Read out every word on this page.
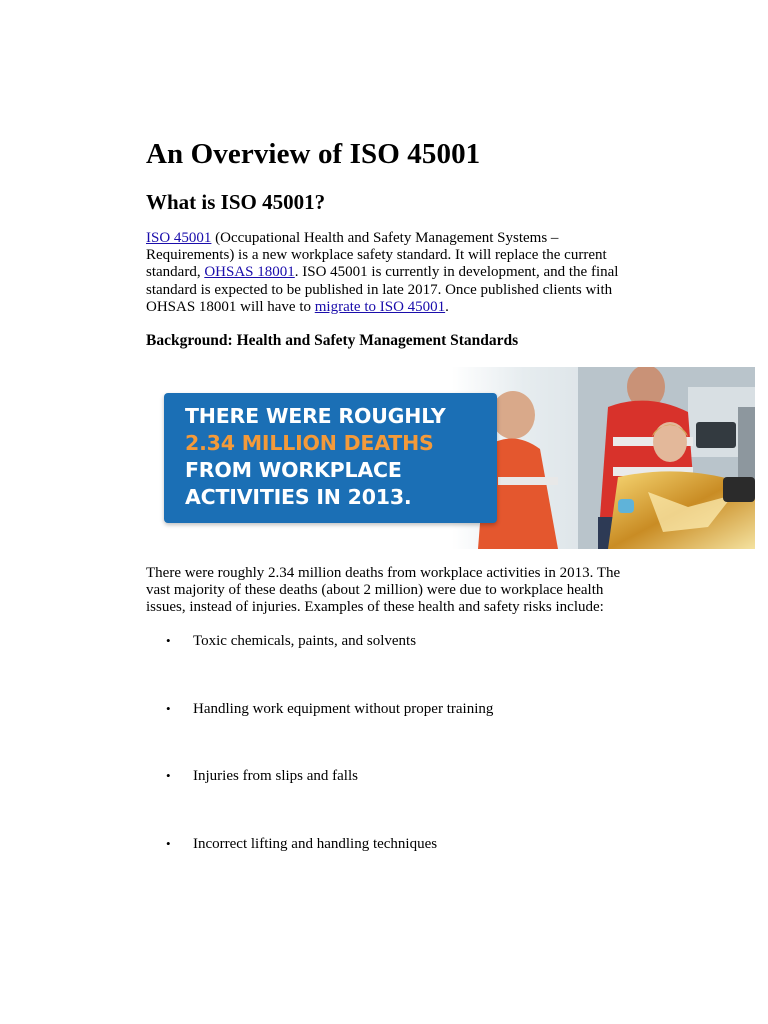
An Overview of ISO 45001
What is ISO 45001?

ISO 45001 (Occupational Health and Safety Management Systems – Requirements) is a new workplace safety standard. It will replace the current standard, OHSAS 18001. ISO 45001 is currently in development, and the final standard is expected to be published in late 2017. Once published clients with OHSAS 18001 will have to migrate to ISO 45001.

Background: Health and Safety Management Standards
THERE WERE ROUGHLY
2.34 MILLION DEATHS
FROM WORKPLACE
ACTIVITIES IN 2013.

There were roughly 2.34 million deaths from workplace activities in 2013. The vast majority of these deaths (about 2 million) were due to workplace health issues, instead of injuries. Examples of these health and safety risks include:

• Toxic chemicals, paints, and solvents
• Handling work equipment without proper training
• Injuries from slips and falls
• Incorrect lifting and handling techniques
